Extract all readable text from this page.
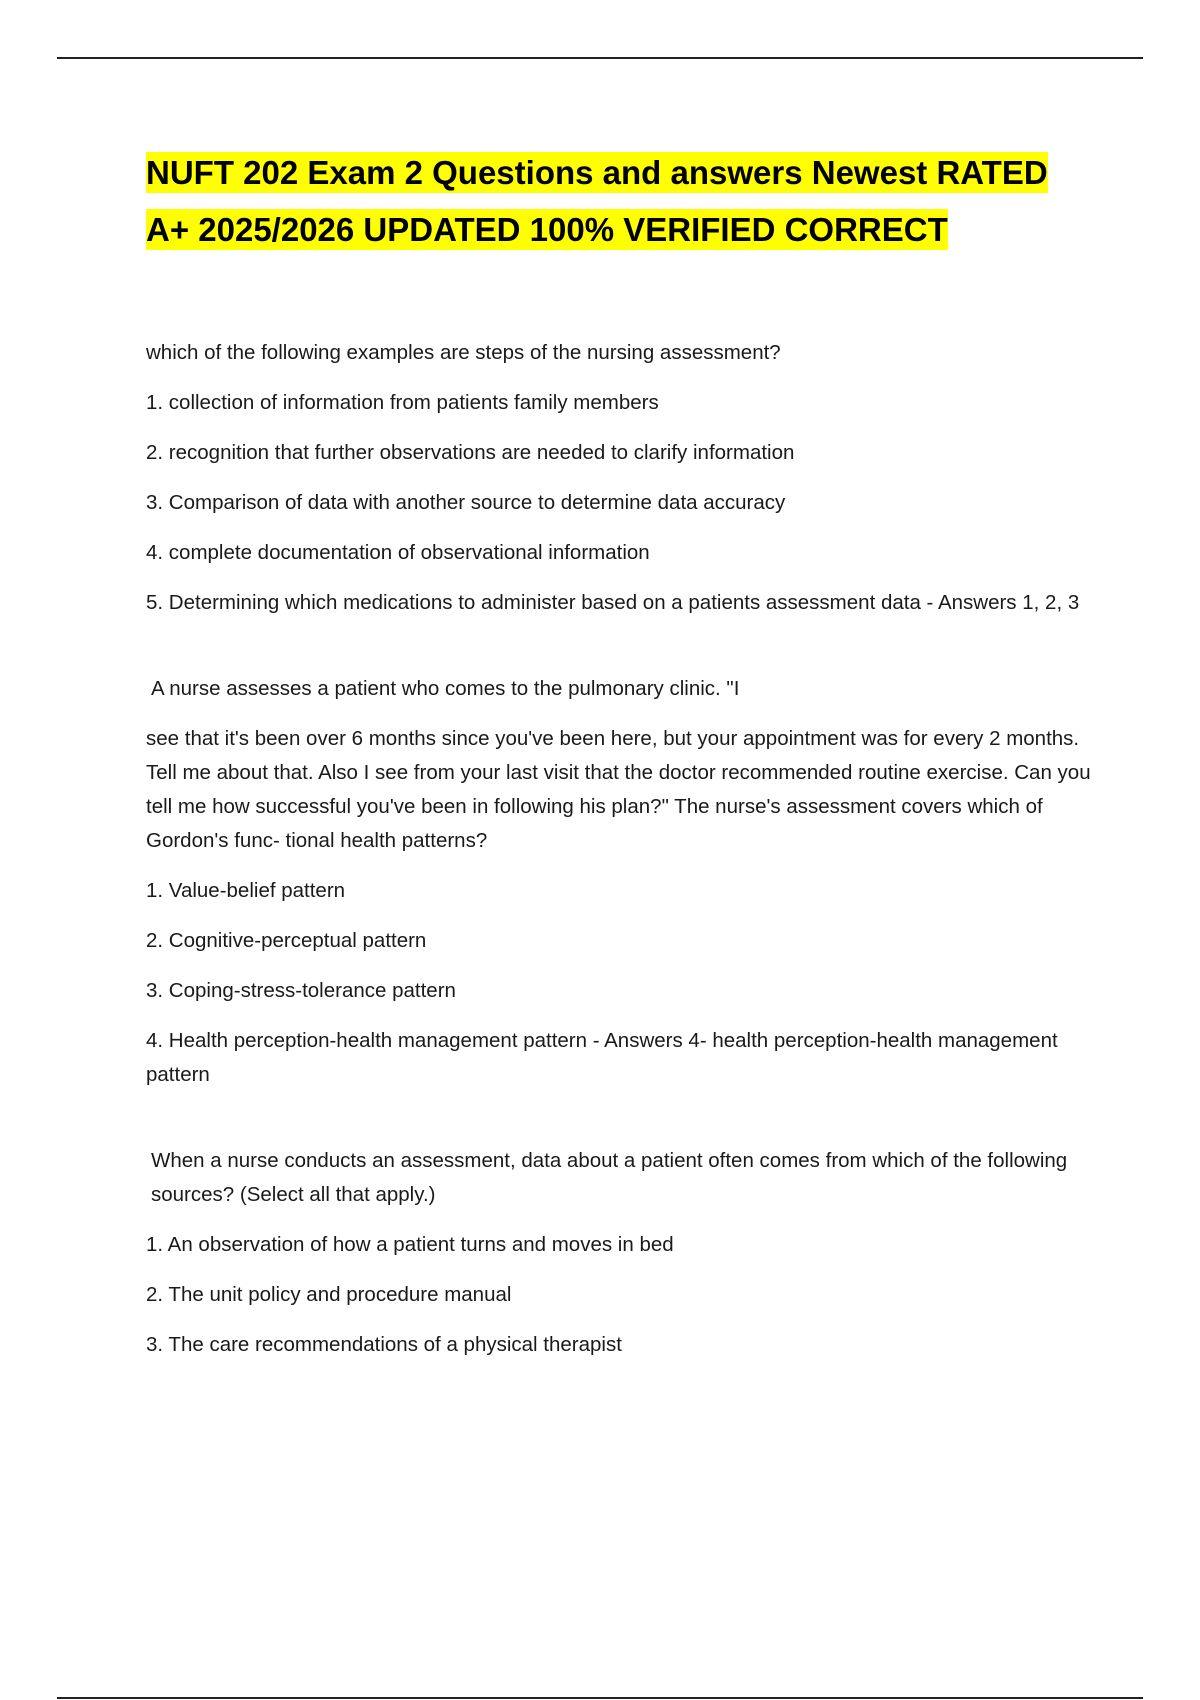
NUFT 202 Exam 2 Questions and answers Newest RATED A+ 2025/2026 UPDATED 100% VERIFIED CORRECT

which of the following examples are steps of the nursing assessment?

1. collection of information from patients family members

2. recognition that further observations are needed to clarify information

3. Comparison of data with another source to determine data accuracy

4. complete documentation of observational information

5. Determining which medications to administer based on a patients assessment data - Answers 1, 2, 3

A nurse assesses a patient who comes to the pulmonary clinic. "I

see that it's been over 6 months since you've been here, but your appointment was for every 2 months. Tell me about that. Also I see from your last visit that the doctor recommended routine exercise. Can you tell me how successful you've been in following his plan?" The nurse's assessment covers which of Gordon's func- tional health patterns?

1. Value-belief pattern

2. Cognitive-perceptual pattern

3. Coping-stress-tolerance pattern

4. Health perception-health management pattern - Answers 4- health perception-health management pattern

When a nurse conducts an assessment, data about a patient often comes from which of the following sources? (Select all that apply.)

1. An observation of how a patient turns and moves in bed

2. The unit policy and procedure manual

3. The care recommendations of a physical therapist
